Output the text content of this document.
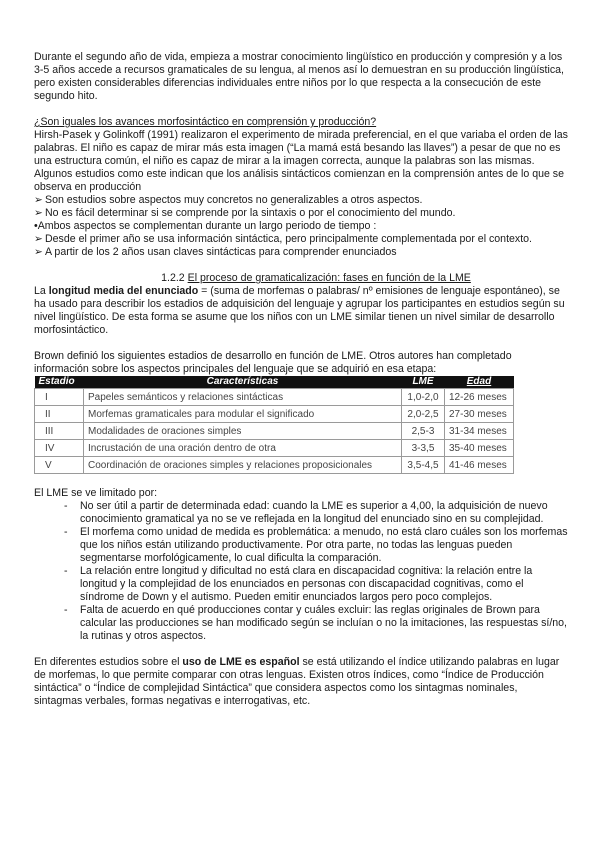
Durante el segundo año de vida, empieza a mostrar conocimiento lingüístico en producción y compresión y a los 3-5 años accede a recursos gramaticales de su lengua, al menos así lo demuestran en su producción lingüística, pero existen considerables diferencias individuales entre niños por lo que respecta a la consecución de este segundo hito.

¿Son iguales los avances morfosintáctico en comprensión y producción?

Hirsh-Pasek y Golinkoff (1991) realizaron el experimento de mirada preferencial, en el que variaba el orden de las palabras. El niño es capaz de mirar más esta imagen (“La mamá está besando las llaves”) a pesar de que no es una estructura común, el niño es capaz de mirar a la imagen correcta, aunque la palabras son las mismas.

Algunos estudios como este indican que los análisis sintácticos comienzan en la comprensión antes de lo que se observa en producción

➢ Son estudios sobre aspectos muy concretos no generalizables a otros aspectos.
➢ No es fácil determinar si se comprende por la sintaxis o por el conocimiento del mundo.

•Ambos aspectos se complementan durante un largo periodo de tiempo :

➢ Desde el primer año se usa información sintáctica, pero principalmente complementada por el contexto.
➢ A partir de los 2 años usan claves sintácticas para comprender enunciados

1.2.2 El proceso de gramaticalización: fases en función de la LME

La longitud media del enunciado = (suma de morfemas o palabras/ nº emisiones de lenguaje espontáneo), se ha usado para describir los estadios de adquisición del lenguaje y agrupar los participantes en estudios según su nivel lingüístico. De esta forma se asume que los niños con un LME similar tienen un nivel similar de desarrollo morfosintáctico.

Brown definió los siguientes estadios de desarrollo en función de LME. Otros autores han completado información sobre los aspectos principales del lenguaje que se adquirió en esa etapa:

Estadio	Características	LME	Edad
I	Papeles semánticos y relaciones sintácticas	1,0-2,0	12-26 meses
II	Morfemas gramaticales para modular el significado	2,0-2,5	27-30 meses
III	Modalidades de oraciones simples	2,5-3	31-34 meses
IV	Incrustación de una oración dentro de otra	3-3,5	35-40 meses
V	Coordinación de oraciones simples y relaciones proposicionales	3,5-4,5	41-46 meses

El LME se ve limitado por:

- No ser útil a partir de determinada edad: cuando la LME es superior a 4,00, la adquisición de nuevo conocimiento gramatical ya no se ve reflejada en la longitud del enunciado sino en su complejidad.
- El morfema como unidad de medida es problemática: a menudo, no está claro cuáles son los morfemas que los niños están utilizando productivamente. Por otra parte, no todas las lenguas pueden segmentarse morfológicamente, lo cual dificulta la comparación.
- La relación entre longitud y dificultad no está clara en discapacidad cognitiva: la relación entre la longitud y la complejidad de los enunciados en personas con discapacidad cognitivas, como el síndrome de Down y el autismo. Pueden emitir enunciados largos pero poco complejos.
- Falta de acuerdo en qué producciones contar y cuáles excluir: las reglas originales de Brown para calcular las producciones se han modificado según se incluían o no la imitaciones, las respuestas sí/no, la rutinas y otros aspectos.

En diferentes estudios sobre el uso de LME es español se está utilizando el índice utilizando palabras en lugar de morfemas, lo que permite comparar con otras lenguas. Existen otros índices, como “Índice de Producción sintáctica” o “Índice de complejidad Sintáctica” que considera aspectos como los sintagmas nominales, sintagmas verbales, formas negativas e interrogativas, etc.
